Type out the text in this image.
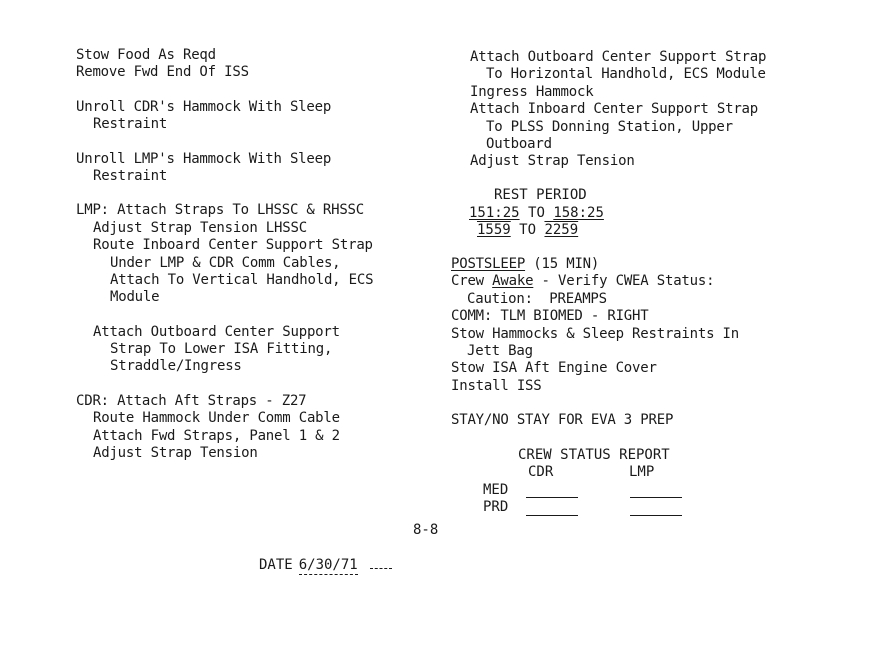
Stow Food As Reqd
Remove Fwd End Of ISS
Unroll CDR's Hammock With Sleep
Restraint
Unroll LMP's Hammock With Sleep
Restraint
LMP: Attach Straps To LHSSC & RHSSC
Adjust Strap Tension LHSSC
Route Inboard Center Support Strap
Under LMP & CDR Comm Cables,
Attach To Vertical Handhold, ECS
Module
Attach Outboard Center Support
Strap To Lower ISA Fitting,
Straddle/Ingress
CDR: Attach Aft Straps - Z27
Route Hammock Under Comm Cable
Attach Fwd Straps, Panel 1 & 2
Adjust Strap Tension
Attach Outboard Center Support Strap
To Horizontal Handhold, ECS Module
Ingress Hammock
Attach Inboard Center Support Strap
To PLSS Donning Station, Upper
Outboard
Adjust Strap Tension
REST PERIOD
151:25 TO 158:25
1559 TO 2259
POSTSLEEP (15 MIN)
Crew Awake - Verify CWEA Status:
Caution:  PREAMPS
COMM: TLM BIOMED - RIGHT
Stow Hammocks & Sleep Restraints In
Jett Bag
Stow ISA Aft Engine Cover
Install ISS
STAY/NO STAY FOR EVA 3 PREP
CREW STATUS REPORT
CDR	LMP
MED
PRD
8-8
DATE 6/30/71
